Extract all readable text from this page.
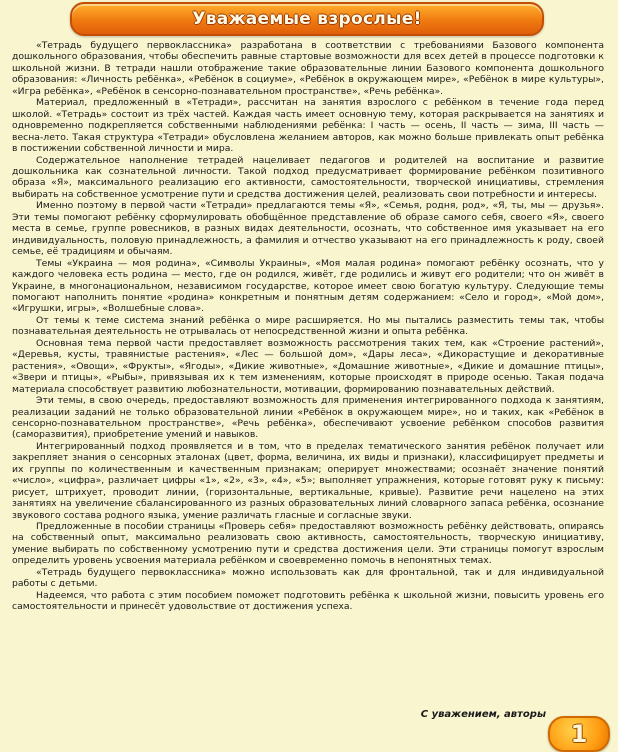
Уважаемые взрослые!

«Тетрадь будущего первоклассника» разработана в соответствии с требованиями Базового компонента дошкольного образования, чтобы обеспечить равные стартовые возможности для всех детей в процессе подготовки к школьной жизни. В тетради нашли отображение такие образовательные линии Базового компонента дошкольного образования: «Личность ребёнка», «Ребёнок в социуме», «Ребёнок в окружающем мире», «Ребёнок в мире культуры», «Игра ребёнка», «Ребёнок в сенсорно-познавательном пространстве», «Речь ребёнка».

Материал, предложенный в «Тетради», рассчитан на занятия взрослого с ребёнком в течение года перед школой. «Тетрадь» состоит из трёх частей. Каждая часть имеет основную тему, которая раскрывается на занятиях и одновременно подкрепляется собственными наблюдениями ребёнка: I часть — осень, II часть — зима, III часть — весна-лето. Такая структура «Тетради» обусловлена желанием авторов, как можно больше привлекать опыт ребёнка в постижении собственной личности и мира.

Содержательное наполнение тетрадей нацеливает педагогов и родителей на воспитание и развитие дошкольника как сознательной личности. Такой подход предусматривает формирование ребёнком позитивного образа «Я», максимального реализацию его активности, самостоятельности, творческой инициативы, стремления выбирать на собственное усмотрение пути и средства достижения целей, реализовать свои потребности и интересы.

Именно поэтому в первой части «Тетради» предлагаются темы «Я», «Семья, родня, род», «Я, ты, мы — друзья». Эти темы помогают ребёнку сформулировать обобщённое представление об образе самого себя, своего «Я», своего места в семье, группе ровесников, в разных видах деятельности, осознать, что собственное имя указывает на его индивидуальность, половую принадлежность, а фамилия и отчество указывают на его принадлежность к роду, своей семье, её традициям и обычаям.

Темы «Украина — моя родина», «Символы Украины», «Моя малая родина» помогают ребёнку осознать, что у каждого человека есть родина — место, где он родился, живёт, где родились и живут его родители; что он живёт в Украине, в многонациональном, независимом государстве, которое имеет свою богатую культуру. Следующие темы помогают наполнить понятие «родина» конкретным и понятным детям содержанием: «Село и город», «Мой дом», «Игрушки, игры», «Волшебные слова».

От темы к теме система знаний ребёнка о мире расширяется. Но мы пытались разместить темы так, чтобы познавательная деятельность не отрывалась от непосредственной жизни и опыта ребёнка.

Основная тема первой части предоставляет возможность рассмотрения таких тем, как «Строение растений», «Деревья, кусты, травянистые растения», «Лес — большой дом», «Дары леса», «Дикорастущие и декоративные растения», «Овощи», «Фрукты», «Ягоды», «Дикие животные», «Домашние животные», «Дикие и домашние птицы», «Звери и птицы», «Рыбы», привязывая их к тем изменениям, которые происходят в природе осенью. Такая подача материала способствует развитию любознательности, мотивации, формированию познавательных действий.

Эти темы, в свою очередь, предоставляют возможность для применения интегрированного подхода к занятиям, реализации заданий не только образовательной линии «Ребёнок в окружающем мире», но и таких, как «Ребёнок в сенсорно-познавательном пространстве», «Речь ребёнка», обеспечивают усвоение ребёнком способов развития (саморазвития), приобретение умений и навыков.

Интегрированный подход проявляется и в том, что в пределах тематического занятия ребёнок получает или закрепляет знания о сенсорных эталонах (цвет, форма, величина, их виды и признаки), классифицирует предметы и их группы по количественным и качественным признакам; оперирует множествами; осознаёт значение понятий «число», «цифра», различает цифры «1», «2», «3», «4», «5»; выполняет упражнения, которые готовят руку к письму: рисует, штрихует, проводит линии, (горизонтальные, вертикальные, кривые). Развитие речи нацелено на этих занятиях на увеличение сбалансированного из разных образовательных линий словарного запаса ребёнка, осознание звукового состава родного языка, умение различать гласные и согласные звуки.

Предложенные в пособии страницы «Проверь себя» предоставляют возможность ребёнку действовать, опираясь на собственный опыт, максимально реализовать свою активность, самостоятельность, творческую инициативу, умение выбирать по собственному усмотрению пути и средства достижения цели. Эти страницы помогут взрослым определить уровень усвоения материала ребёнком и своевременно помочь в непонятных темах.

«Тетрадь будущего первоклассника» можно использовать как для фронтальной, так и для индивидуальной работы с детьми.

Надеемся, что работа с этим пособием поможет подготовить ребёнка к школьной жизни, повысить уровень его самостоятельности и принесёт удовольствие от достижения успеха.

С уважением, авторы
1
